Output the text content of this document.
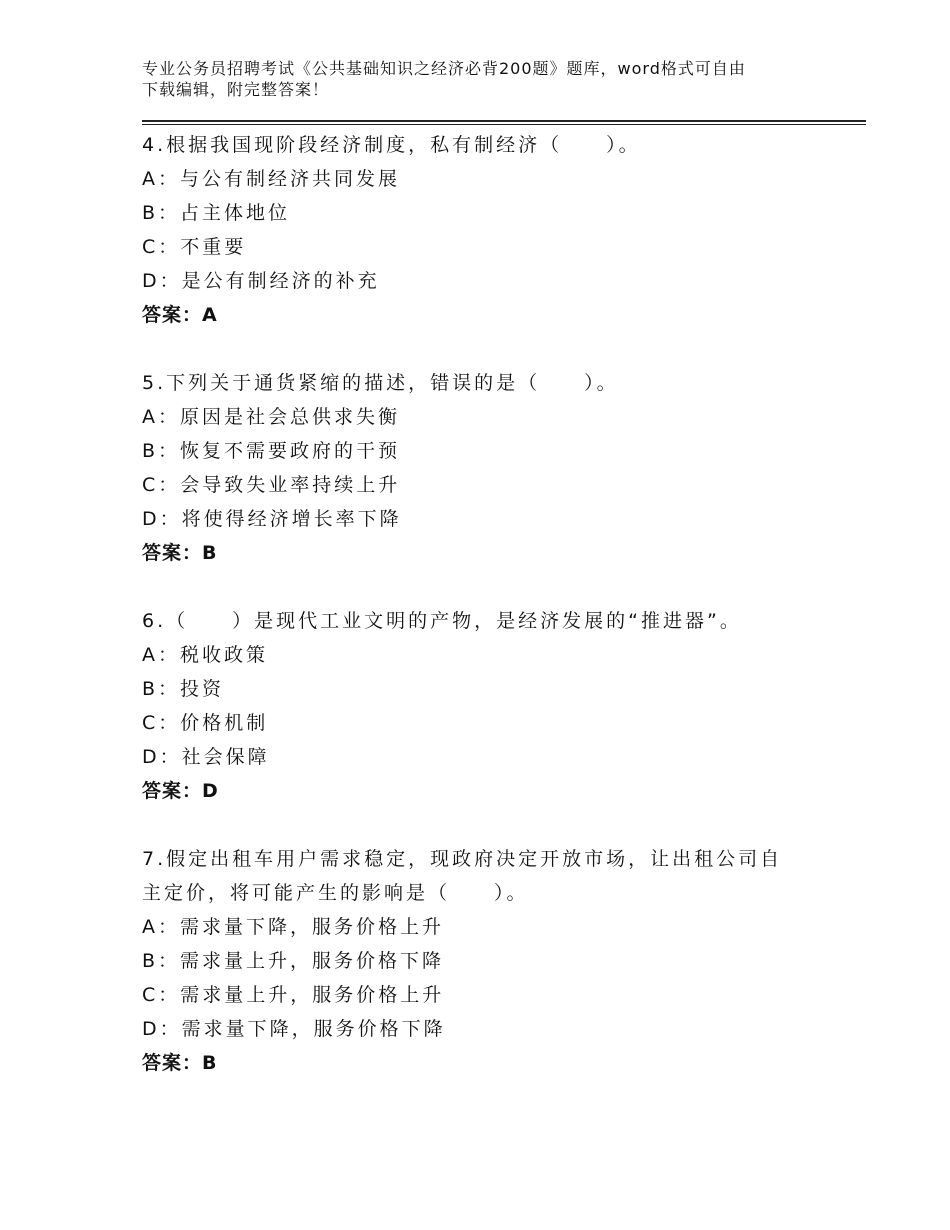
专业公务员招聘考试《公共基础知识之经济必背200题》题库，word格式可自由
下载编辑，附完整答案！
4.根据我国现阶段经济制度，私有制经济（　　）。
A：与公有制经济共同发展
B：占主体地位
C：不重要
D：是公有制经济的补充
答案：A
5.下列关于通货紧缩的描述，错误的是（　　）。
A：原因是社会总供求失衡
B：恢复不需要政府的干预
C：会导致失业率持续上升
D：将使得经济增长率下降
答案：B
6.（　　）是现代工业文明的产物，是经济发展的“推进器”。
A：税收政策
B：投资
C：价格机制
D：社会保障
答案：D
7.假定出租车用户需求稳定，现政府决定开放市场，让出租公司自主定价，将可能产生的影响是（　　）。
A：需求量下降，服务价格上升
B：需求量上升，服务价格下降
C：需求量上升，服务价格上升
D：需求量下降，服务价格下降
答案：B
